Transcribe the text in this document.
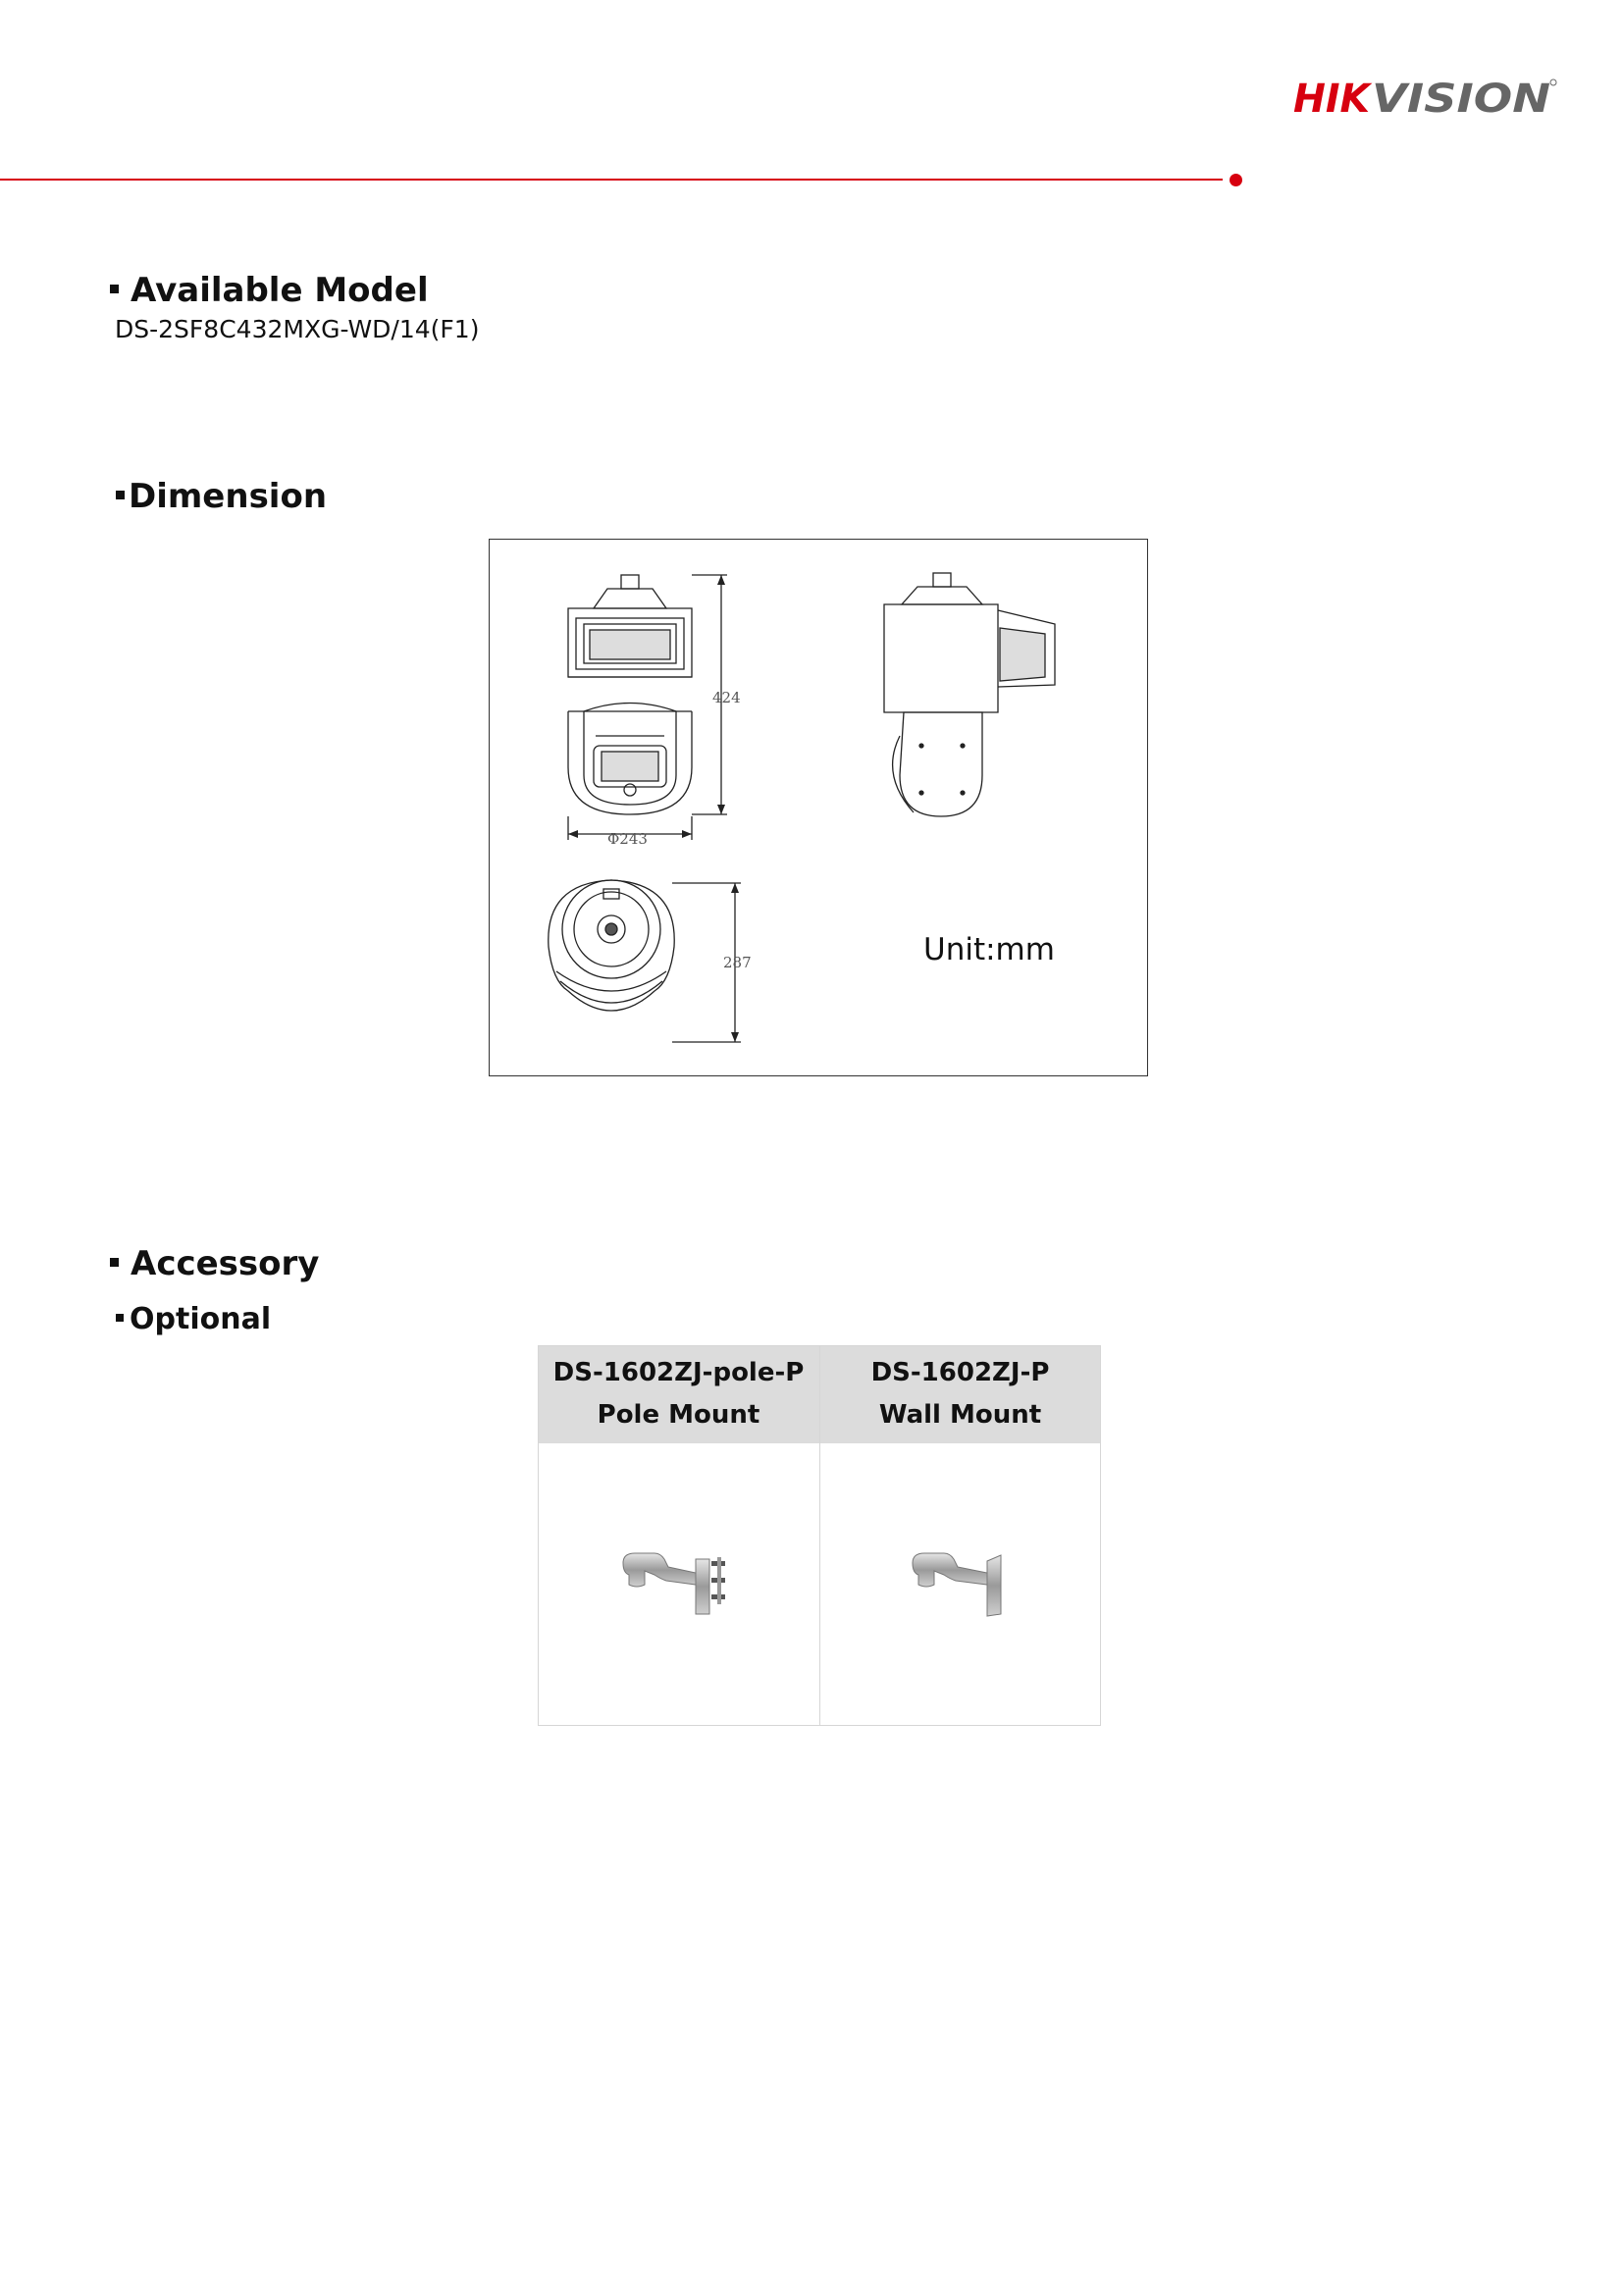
HIK VISION
Available Model
DS-2SF8C432MXG-WD/14(F1)
Dimension
424
Φ243
287	Unit:mm
Accessory
Optional
DS-1602ZJ-pole-P
Pole Mount
DS-1602ZJ-P
Wall Mount
